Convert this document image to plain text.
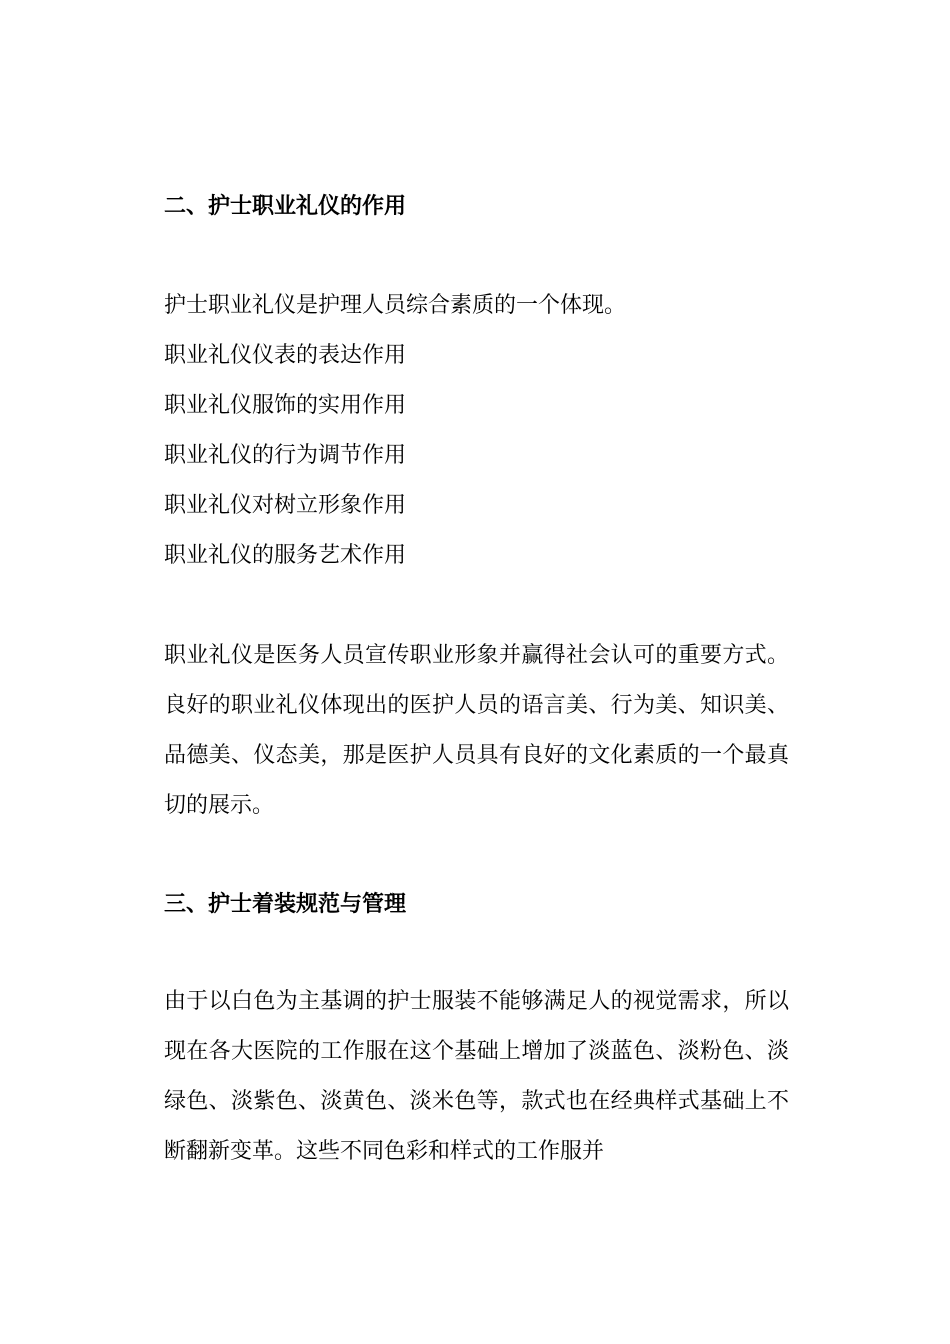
二、护士职业礼仪的作用

护士职业礼仪是护理人员综合素质的一个体现。

职业礼仪仪表的表达作用

职业礼仪服饰的实用作用

职业礼仪的行为调节作用

职业礼仪对树立形象作用

职业礼仪的服务艺术作用

职业礼仪是医务人员宣传职业形象并赢得社会认可的重要方式。良好的职业礼仪体现出的医护人员的语言美、行为美、知识美、品德美、仪态美，那是医护人员具有良好的文化素质的一个最真切的展示。

三、护士着装规范与管理

由于以白色为主基调的护士服装不能够满足人的视觉需求，所以现在各大医院的工作服在这个基础上增加了淡蓝色、淡粉色、淡绿色、淡紫色、淡黄色、淡米色等，款式也在经典样式基础上不断翻新变革。这些不同色彩和样式的工作服并
